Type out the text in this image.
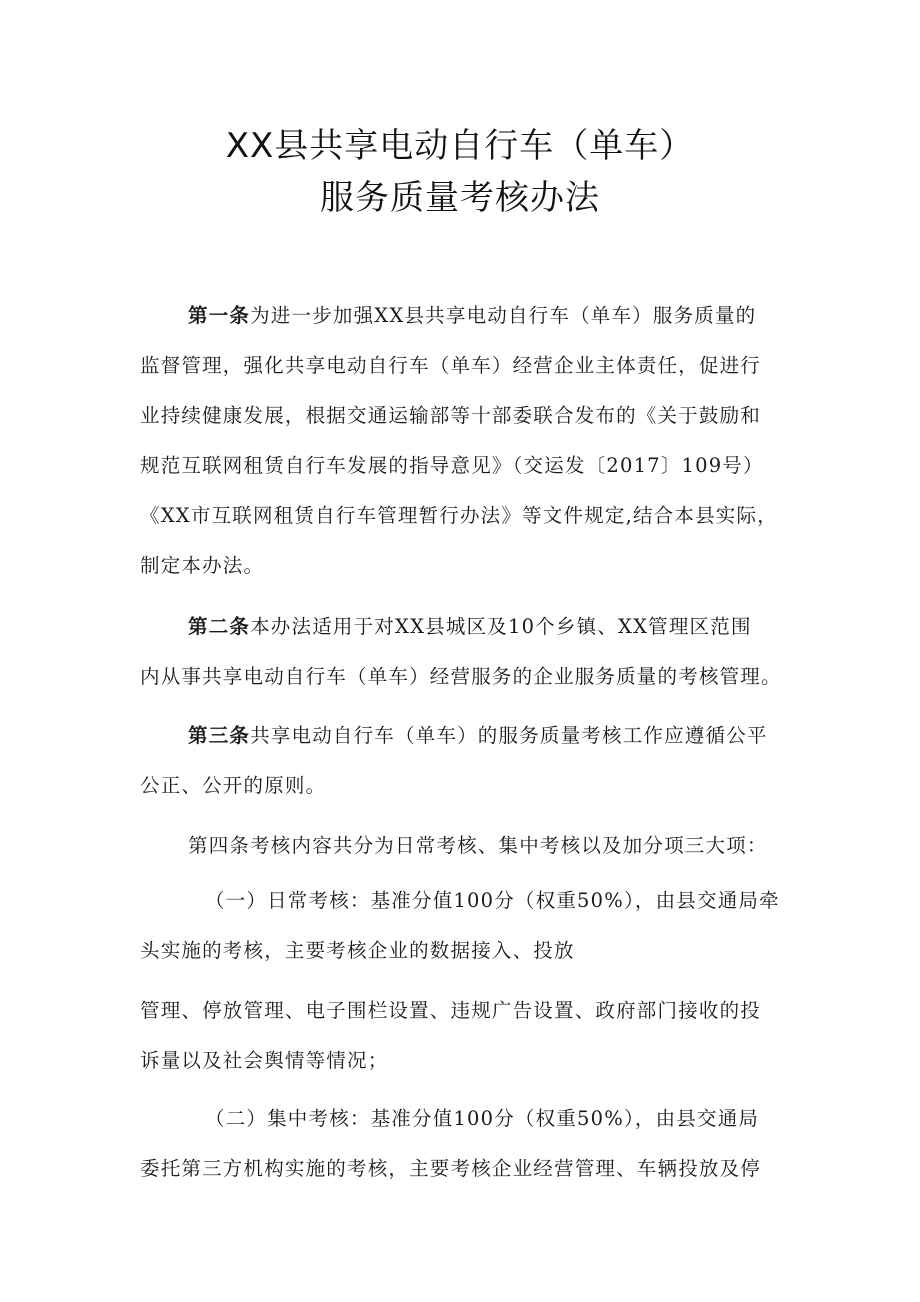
XX县共享电动自行车（单车）
服务质量考核办法
第一条为进一步加强XX县共享电动自行车（单车）服务质量的
监督管理，强化共享电动自行车（单车）经营企业主体责任，促进行
业持续健康发展，根据交通运输部等十部委联合发布的《关于鼓励和
规范互联网租赁自行车发展的指导意见》（交运发〔2017〕109号）
《XX市互联网租赁自行车管理暂行办法》等文件规定,结合本县实际，
制定本办法。
第二条本办法适用于对XX县城区及10个乡镇、XX管理区范围
内从事共享电动自行车（单车）经营服务的企业服务质量的考核管理。
第三条共享电动自行车（单车）的服务质量考核工作应遵循公平
公正、公开的原则。
第四条考核内容共分为日常考核、集中考核以及加分项三大项：
（一）日常考核：基准分值100分（权重50%），由县交通局牵
头实施的考核，主要考核企业的数据接入、投放
管理、停放管理、电子围栏设置、违规广告设置、政府部门接收的投
诉量以及社会舆情等情况；
（二）集中考核：基准分值100分（权重50%），由县交通局
委托第三方机构实施的考核，主要考核企业经营管理、车辆投放及停
